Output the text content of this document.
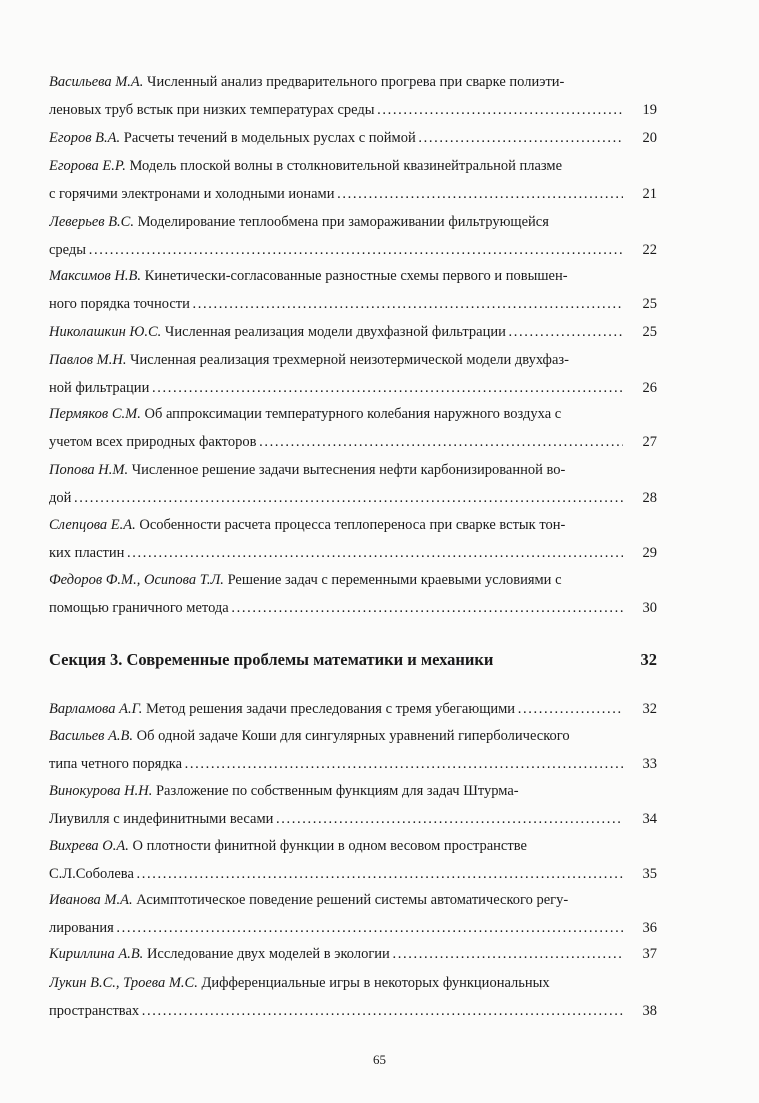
Васильева М.А. Численный анализ предварительного прогрева при сварке полиэти-
леновых труб встык при низких температурах среды . . .	19
Егоров В.А. Расчеты течений в модельных руслах с поймой . . .	20
Егорова Е.Р. Модель плоской волны в столкновительной квазинейтральной плазме
с горячими электронами и холодными ионами . . .	21
Леверьев В.С. Моделирование теплообмена при замораживании фильтрующейся
среды . . .	22
Максимов Н.В. Кинетически-согласованные разностные схемы первого и повышен-
ного порядка точности . . .	25
Николашкин Ю.С. Численная реализация модели двухфазной фильтрации . . .	25
Павлов М.Н. Численная реализация трехмерной неизотермической модели двухфаз-
ной фильтрации . . .	26
Пермяков С.М. Об аппроксимации температурного колебания наружного воздуха с
учетом всех природных факторов . . .	27
Попова Н.М. Численное решение задачи вытеснения нефти карбонизированной во-
дой . . .	28
Слепцова Е.А. Особенности расчета процесса теплопереноса при сварке встык тон-
ких пластин . . .	29
Федоров Ф.М., Осипова Т.Л. Решение задач с переменными краевыми условиями с
помощью граничного метода . . .	30
Секция 3. Современные проблемы математики и механики	32
Варламова А.Г. Метод решения задачи преследования с тремя убегающими . . .	32
Васильев А.В. Об одной задаче Коши для сингулярных уравнений гиперболического
типа четного порядка . . .	33
Винокурова Н.Н. Разложение по собственным функциям для задач Штурма-
Лиувилля с индефинитными весами . . .	34
Вихрева О.А. О плотности финитной функции в одном весовом пространстве
С.Л.Соболева . . .	35
Иванова М.А. Асимптотическое поведение решений системы автоматического регу-
лирования . . .	36
Кириллина А.В. Исследование двух моделей в экологии . . .	37
Лукин В.С., Троева М.С. Дифференциальные игры в некоторых функциональных
пространствах . . .	38
65
